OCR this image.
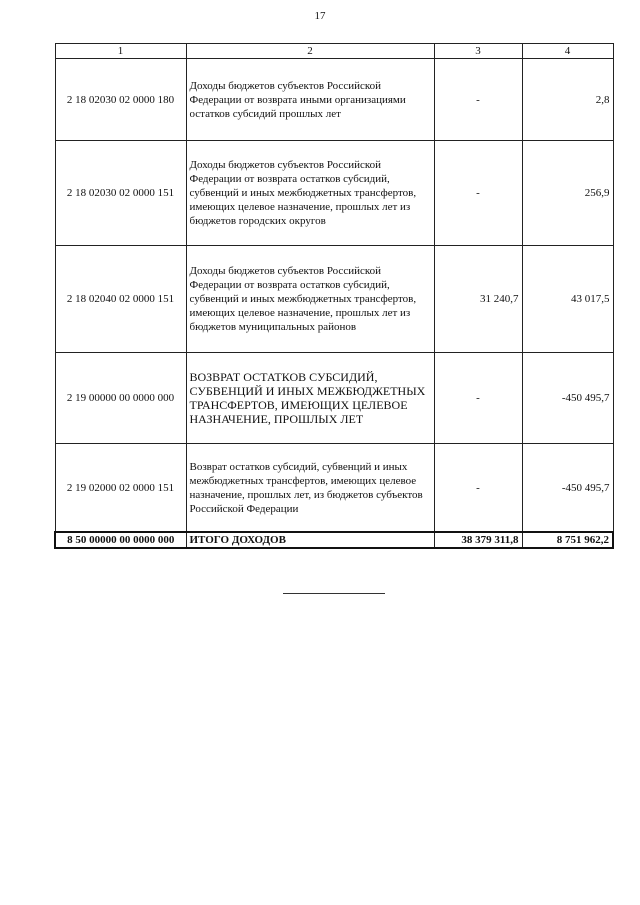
17
1	2	3	4
2 18 02030 02 0000 180	Доходы бюджетов субъектов Российской Федерации от возврата иными организациями остатков субсидий прошлых лет	-	2,8
2 18 02030 02 0000 151	Доходы бюджетов субъектов Российской Федерации от возврата остатков субсидий, субвенций и иных межбюджетных трансфертов, имеющих целевое назначение, прошлых лет из бюджетов городских округов	-	256,9
2 18 02040 02 0000 151	Доходы бюджетов субъектов Российской Федерации от возврата остатков субсидий, субвенций и иных межбюджетных трансфертов, имеющих целевое назначение, прошлых лет из бюджетов муниципальных районов	31 240,7	43 017,5
2 19 00000 00 0000 000	ВОЗВРАТ ОСТАТКОВ СУБСИДИЙ, СУБВЕНЦИЙ И ИНЫХ МЕЖБЮДЖЕТНЫХ ТРАНСФЕРТОВ, ИМЕЮЩИХ ЦЕЛЕВОЕ НАЗНАЧЕНИЕ, ПРОШЛЫХ ЛЕТ	-	-450 495,7
2 19 02000 02 0000 151	Возврат остатков субсидий, субвенций и иных межбюджетных трансфертов, имеющих целевое назначение, прошлых лет, из бюджетов субъектов Российской Федерации	-	-450 495,7
8 50 00000 00 0000 000	ИТОГО ДОХОДОВ	38 379 311,8	8 751 962,2
